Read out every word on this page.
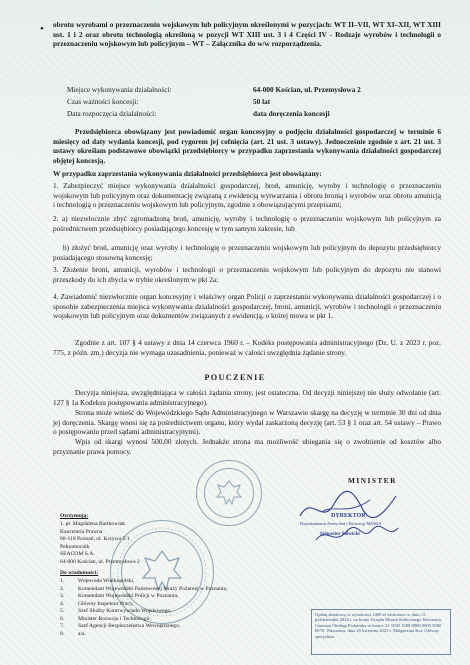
• obrotu wyrobami o przeznaczeniu wojskowym lub policyjnym określonymi w pozycjach: WT II–VII, WT XI–XII, WT XIII ust. 1 i 2 oraz obrotu technologią określoną w pozycji WT XIII ust. 3 i 4 Części IV - Rodzaje wyrobów i technologii o przeznaczeniu wojskowym lub policyjnym – WT – Załącznika do w/w rozporządzenia.
Miejsce wykonywania działalności:	64-000 Kościan, ul. Przemysłowa 2
Czas ważności koncesji:	50 lat
Data rozpoczęcia działalności:	data doręczenia koncesji
Przedsiębiorca obowiązany jest powiadomić organ koncesyjny o podjęciu działalności gospodarczej w terminie 6 miesięcy od daty wydania koncesji, pod rygorem jej cofnięcia (art. 21 ust. 3 ustawy). Jednocześnie zgodnie z art. 21 ust. 3 ustawy określam podstawowe obowiązki przedsiębiorcy w przypadku zaprzestania wykonywania działalności gospodarczej objętej koncesją.
W przypadku zaprzestania wykonywania działalności przedsiębiorca jest obowiązany:
1. Zabezpieczyć miejsce wykonywania działalności gospodarczej, broń, amunicję, wyroby i technologię o przeznaczeniu wojskowym lub policyjnym oraz dokumentację związaną z ewidencją wytwarzania i obrotu bronią i wyrobów oraz obrotu amunicją i technologią o przeznaczeniu wojskowym lub policyjnym, zgodnie z obowiązującymi przepisami;
2. a) niezwłocznie zbyć zgromadzoną broń, amunicję, wyroby i technologię o przeznaczeniu wojskowym lub policyjnym za pośrednictwem przedsiębiorcy posiadającego koncesję w tym samym zakresie, lub
b) złożyć broń, amunicję oraz wyroby i technologię o przeznaczeniu wojskowym lub policyjnym do depozytu przedsiębiorcy posiadającego stosowną koncesję;
3. Złożenie broni, amunicji, wyrobów i technologii o przeznaczeniu wojskowym lub policyjnym do depozytu nie stanowi przeszkody do ich zbycia w trybie określonym w pkt 2a;
4. Zawiadomić niezwłocznie organ koncesyjny i właściwy organ Policji o zaprzestaniu wykonywania działalności gospodarczej i o sposobie zabezpieczenia miejsca wykonywania działalności gospodarczej, broni, amunicji, wyrobów i technologii o przeznaczeniu wojskowym lub policyjnym oraz dokumentów związanych z ewidencją, o której mowa w pkt 1.
Zgodnie z art. 107 § 4 ustawy z dnia 14 czerwca 1960 r. – Kodeks postępowania administracyjnego (Dz. U. z 2023 r. poz. 775, z późn. zm.) decyzja nie wymaga uzasadnienia, ponieważ w całości uwzględnia żądanie strony.
POUCZENIE
Decyzja niniejsza, uwzględniająca w całości żądania strony, jest ostateczna. Od decyzji niniejszej nie służy odwołanie (art. 127 § 1a Kodeksu postępowania administracyjnego).
Strona może wnieść do Wojewódzkiego Sądu Administracyjnego w Warszawie skargę na decyzję w terminie 30 dni od dnia jej doręczenia. Skargę wnosi się za pośrednictwem organu, który wydał zaskarżoną decyzję (art. 53 § 1 oraz art. 54 ustawy – Prawo o postępowaniu przed sądami administracyjnymi).
Wpis od skargi wynosi 500,00 złotych. Jednakże strona ma możliwość ubiegania się o zwolnienie od kosztów albo przyznanie prawa pomocy.
MINISTER
DYREKTOR
Departamentu Zezwoleń i Koncesji MSWiA
Sylwester Salwicki
Otrzymują:
1. pr. Magdalena Bartkowiak
Kancelaria Prawna
60-118 Poznań, ul. Krzywa 5/1
Pełnomocnik
SEACOM S.A.
64-000 Kościan, ul. Przemysłowa 2
Do wiadomości:
1. Wojewoda Wielkopolski,
2. Komendant Wojewódzki Państwowej Straży Pożarnej w Poznaniu,
3. Komendant Wojewódzki Policji w Poznaniu,
4. Główny Inspektor Pracy,
5. Szef Służby Kontrwywiadu Wojskowego,
6. Minister Rozwoju i Technologii,
7. Szef Agencji Bezpieczeństwa Wewnętrznego,
8. a/a.
Opłatę skarbową w wysokości 1400 zł wniesiono w dniu 15 października 2024 r. na konto Urzędu Miasta Stołecznego Warszawy Centrum Obsługi Podatnika nr konta: 21 1030 1508 0000 0005 5000 0070. Warszawa, dnia 25 kwietnia 2025 r. Małgorzata Kot, Główny specjalista
